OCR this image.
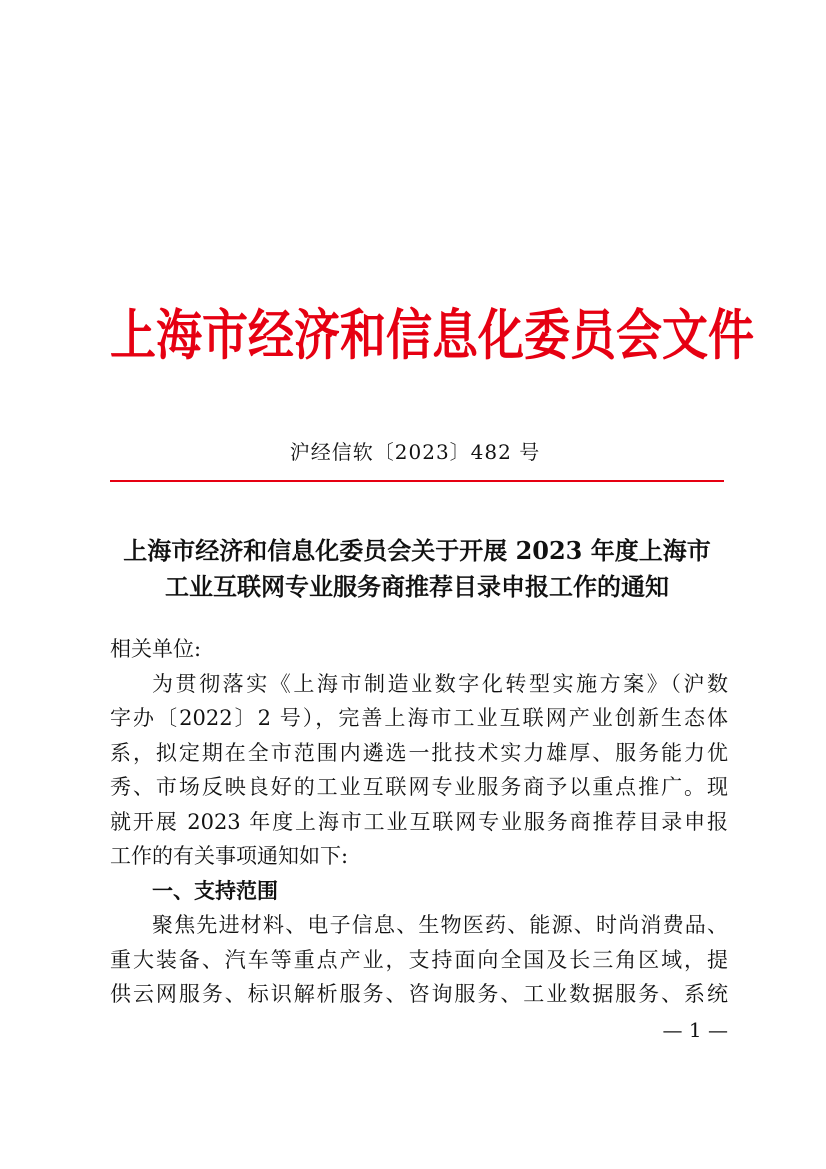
上海市经济和信息化委员会文件
沪经信软〔2023〕482 号
上海市经济和信息化委员会关于开展 2023 年度上海市
工业互联网专业服务商推荐目录申报工作的通知
相关单位:
为贯彻落实《上海市制造业数字化转型实施方案》（沪数
字办〔2022〕2 号），完善上海市工业互联网产业创新生态体
系，拟定期在全市范围内遴选一批技术实力雄厚、服务能力优
秀、市场反映良好的工业互联网专业服务商予以重点推广。现
就开展 2023 年度上海市工业互联网专业服务商推荐目录申报
工作的有关事项通知如下:
一、支持范围
聚焦先进材料、电子信息、生物医药、能源、时尚消费品、
重大装备、汽车等重点产业，支持面向全国及长三角区域，提
供云网服务、标识解析服务、咨询服务、工业数据服务、系统
— 1 —
